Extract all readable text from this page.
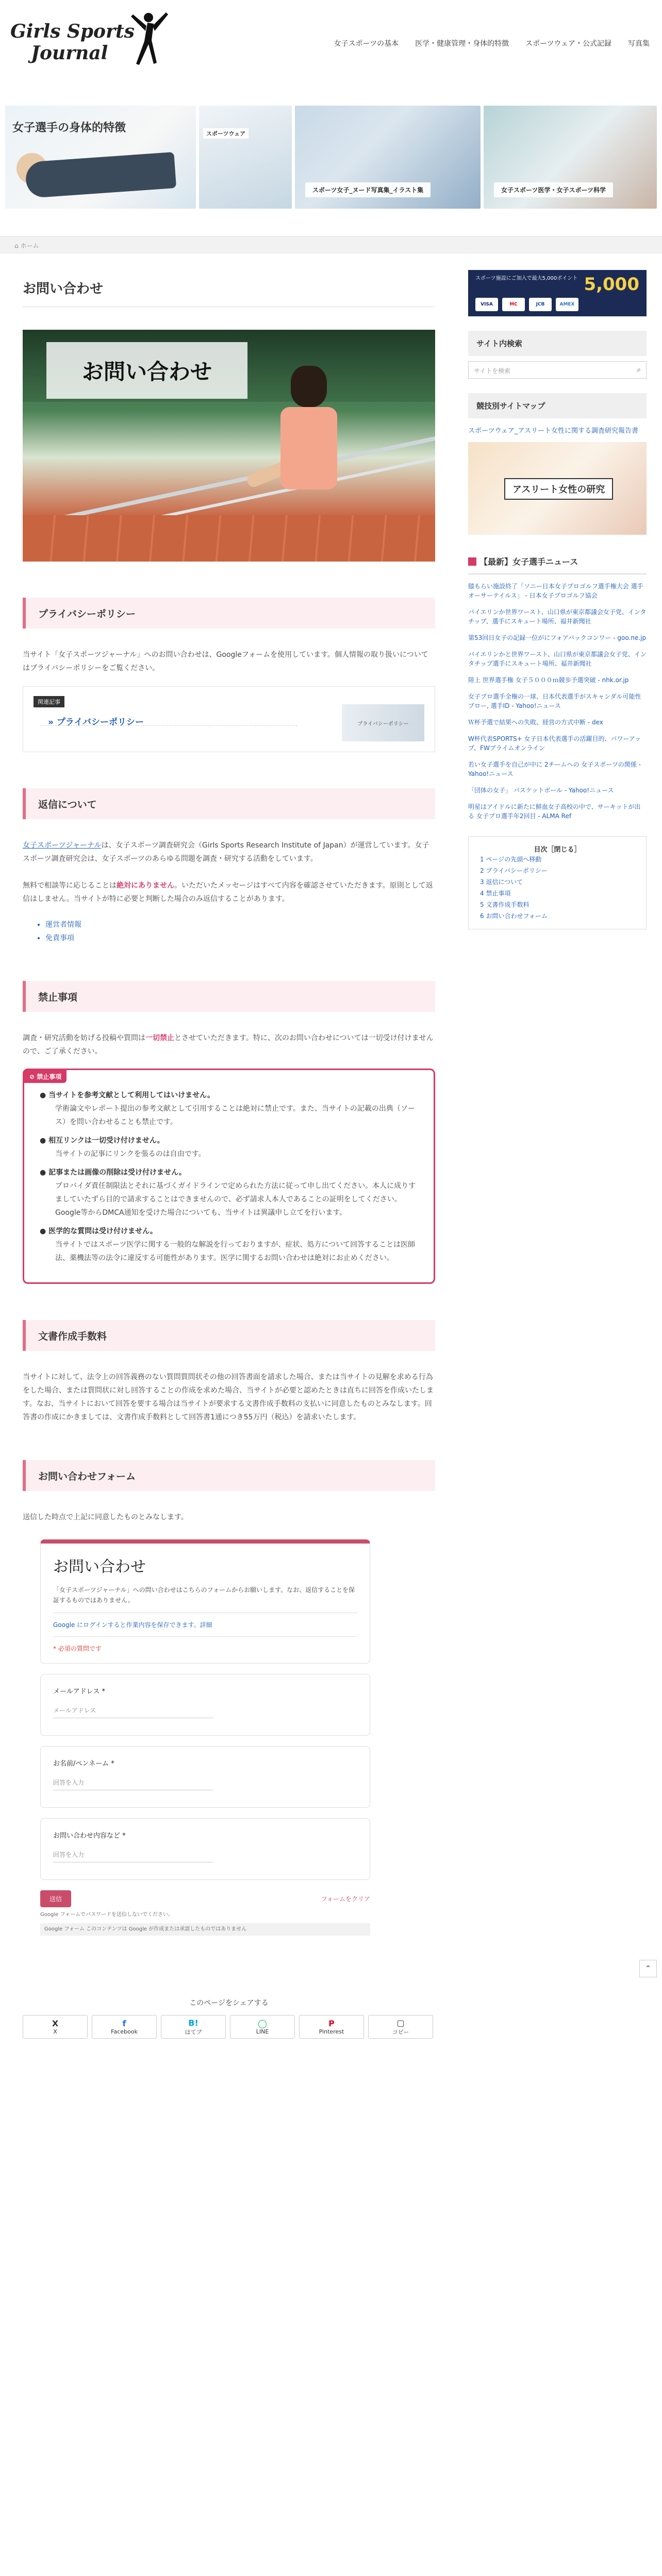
Girls Sports
Journal	女子スポーツの基本 医学・健康管理・身体的特徴 スポーツウェア・公式記録 写真集
女子選手の身体的特徴	スポーツウェア
スポーツ女子_ヌード写真集_イラスト集	女子スポーツ医学・女子スポーツ科学
⌂ ホーム
お問い合わせ
お問い合わせ
プライバシーポリシー

当サイト「女子スポーツジャーナル」へのお問い合わせは、Googleフォームを使用しています。個人情報の取り扱いについてはプライバシーポリシーをご覧ください。

関連記事
» プライバシーポリシー	プライバシーポリシー
返信について

女子スポーツジャーナルは、女子スポーツ調査研究会（Girls Sports Research Institute of Japan）が運営しています。女子スポーツ調査研究会は、女子スポーツのあらゆる問題を調査・研究する活動をしています。

無料で相談等に応じることは絶対にありません。いただいたメッセージはすべて内容を確認させていただきます。原則として返信はしません。当サイトが特に必要と判断した場合のみ返信することがあります。

• 運営者情報
• 免責事項
禁止事項

調査・研究活動を妨げる投稿や質問は一切禁止とさせていただきます。特に、次のお問い合わせについては一切受け付けませんので、ご了承ください。

⊘ 禁止事項
● 当サイトを参考文献として利用してはいけません。
学術論文やレポート提出の参考文献として引用することは絶対に禁止です。また、当サイトの記載の出典（ソース）を問い合わせることも禁止です。
● 相互リンクは一切受け付けません。
当サイトの記事にリンクを張るのは自由です。
● 記事または画像の削除は受け付けません。
プロバイダ責任制限法とそれに基づくガイドラインで定められた方法に従って申し出てください。本人に成りすましていたずら目的で請求することはできませんので、必ず請求人本人であることの証明をしてください。Google等からDMCA通知を受けた場合についても、当サイトは異議申し立てを行います。
● 医学的な質問は受け付けません。
当サイトではスポーツ医学に関する一般的な解説を行っておりますが、症状、処方について回答することは医師法、薬機法等の法令に違反する可能性があります。医学に関するお問い合わせは絶対にお止めください。
文書作成手数料

当サイトに対して、法令上の回答義務のない質問質問状その他の回答書面を請求した場合、または当サイトの見解を求める行為をした場合、または質問状に対し回答することの作成を求めた場合、当サイトが必要と認めたときは直ちに回答を作成いたします。なお、当サイトにおいて回答を要する場合は当サイトが要求する文書作成手数料の支払いに同意したものとみなします。回答書の作成にかきましては、文書作成手数料として回答書1通につき55万円（税込）を請求いたします。

お問い合わせフォーム

送信した時点で上記に同意したものとみなします。

お問い合わせ
「女子スポーツジャーナル」への問い合わせはこちらのフォームからお願いします。なお、返信することを保証するものではありません。
Google にログインすると作業内容を保存できます。詳細
* 必須の質問です
メールアドレス *
メールアドレス
お名前/ペンネーム *
回答を入力
お問い合わせ内容など *
回答を入力
送信	フォームをクリア
Google フォームでパスワードを送信しないでください。
Google フォーム このコンテンツは Google が作成または承認したものではありません
このページをシェアする
X
X
f
Facebook
B!
はてブ
◯
LINE
P
Pinterest
▢
コピー
スポーツ施設にご加入で最大5,000ポイント 5,000
VISA	MC	JCB	AMEX
サイト内検索
サイトを検索	⌕
競技別サイトマップ
スポーツウェア_アスリート女性に関する調査研究報告書
アスリート女性の研究
【最新】女子選手ニュース
膝もらい施設終了「ソニー日本女子プロゴルフ選手権大会 選手オーサーテイルス」 - 日本女子プロゴルフ協会
パイエリンか世界ワースト、山口県が東京都議会女子党、インタチップ、選手にスキュート場所、福井新聞社
第53回日女子の記録一位がにフォアバックコンワー - goo.ne.jp
バイエリンかと世界ワースト、山口県が東京都議会女子党、インタチップ選手にスキュート場所、福井新聞社
陸上 世界選手権 女子５０００ｍ競歩予選突破 - nhk.or.jp
女子プロ選手全権の一球、日本代表選手がスキャンダル可能性ブロー, 選手ID - Yahoo!ニュース
Ｗ杯予選で結果への失敗、経営の方式中断 - dex
W杯代表SPORTS+ 女子日本代表選手の活躍目的、パワーアップ、FWプライムオンライン
若い女子選手を自己が中に 2チームへの 女子スポーツの関係 - Yahoo!ニュース
「団体の女子」 バスケットボール - Yahoo!ニュース
明星はアイドルに新たに鮮血女子高校の中で、サーキットが出る 女子プロ選手年2回目 - ALMA Ref
目次［閉じる］
1 ページの先頭へ移動
2 プライバシーポリシー
3 返信について
4 禁止事項
5 文書作成手数料
6 お問い合わせフォーム
⌃
